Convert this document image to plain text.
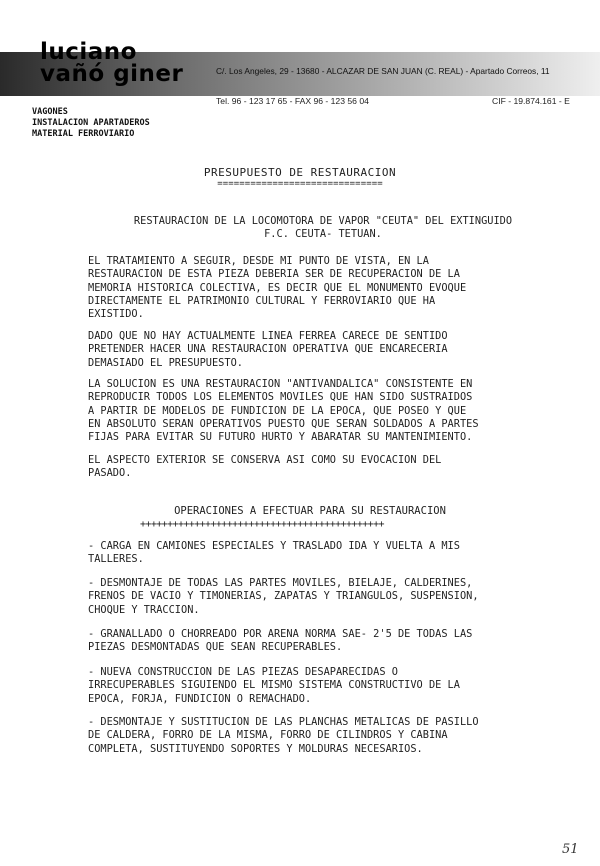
luciano
vañó giner	C/. Los Angeles, 29 - 13680 - ALCAZAR DE SAN JUAN (C. REAL) - Apartado Correos, 11
Tel. 96 - 123 17 65 - FAX 96 - 123 56 04	CIF - 19.874.161 - E
VAGONES
INSTALACION APARTADEROS
MATERIAL FERROVIARIO
PRESUPUESTO DE RESTAURACION
==============================
RESTAURACION DE LA LOCOMOTORA DE VAPOR "CEUTA" DEL EXTINGUIDO
F.C. CEUTA- TETUAN.
EL TRATAMIENTO A SEGUIR, DESDE MI PUNTO DE VISTA, EN LA
RESTAURACION DE ESTA PIEZA DEBERIA SER DE RECUPERACION DE LA
MEMORIA HISTORICA COLECTIVA, ES DECIR QUE EL MONUMENTO EVOQUE
DIRECTAMENTE EL PATRIMONIO CULTURAL Y FERROVIARIO QUE HA
EXISTIDO.
DADO QUE NO HAY ACTUALMENTE LINEA FERREA CARECE DE SENTIDO
PRETENDER HACER UNA RESTAURACION OPERATIVA QUE ENCARECERIA
DEMASIADO EL PRESUPUESTO.
LA SOLUCION ES UNA RESTAURACION "ANTIVANDALICA" CONSISTENTE EN
REPRODUCIR TODOS LOS ELEMENTOS MOVILES QUE HAN SIDO SUSTRAIDOS
A PARTIR DE MODELOS DE FUNDICION DE LA EPOCA, QUE POSEO Y QUE
EN ABSOLUTO SERAN OPERATIVOS PUESTO QUE SERAN SOLDADOS A PARTES
FIJAS PARA EVITAR SU FUTURO HURTO Y ABARATAR SU MANTENIMIENTO.
EL ASPECTO EXTERIOR SE CONSERVA ASI COMO SU EVOCACION DEL
PASADO.
OPERACIONES A EFECTUAR PARA SU RESTAURACION
+++++++++++++++++++++++++++++++++++++++++++++
- CARGA EN CAMIONES ESPECIALES Y TRASLADO IDA Y VUELTA A MIS
TALLERES.
- DESMONTAJE DE TODAS LAS PARTES MOVILES, BIELAJE, CALDERINES,
FRENOS DE VACIO Y TIMONERIAS, ZAPATAS Y TRIANGULOS, SUSPENSION,
CHOQUE Y TRACCION.
- GRANALLADO O CHORREADO POR ARENA NORMA SAE- 2'5 DE TODAS LAS
PIEZAS DESMONTADAS QUE SEAN RECUPERABLES.
- NUEVA CONSTRUCCION DE LAS PIEZAS DESAPARECIDAS O
IRRECUPERABLES SIGUIENDO EL MISMO SISTEMA CONSTRUCTIVO DE LA
EPOCA, FORJA, FUNDICION O REMACHADO.
- DESMONTAJE Y SUSTITUCION DE LAS PLANCHAS METALICAS DE PASILLO
DE CALDERA, FORRO DE LA MISMA, FORRO DE CILINDROS Y CABINA
COMPLETA, SUSTITUYENDO SOPORTES Y MOLDURAS NECESARIOS.
51
